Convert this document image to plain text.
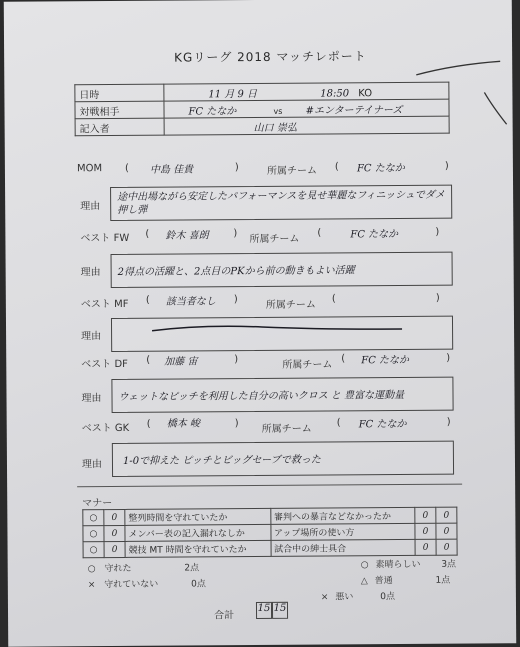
KGリーグ 2018 マッチレポート
日時	11 月 9 日 18:50 KO
対戦相手	FC たなか vs #エンターテイナーズ
記入者	山口 崇弘
MOM ( 中島 佳貴	)	所属チーム ( FC たなか	)
理由
途中出場ながら安定したパフォーマンスを見せ華麗なフィニッシュでダメ押し弾
ベスト FW ( 鈴木 喜朗 )
所属チーム
(	FC たなか	)
理由	2得点の活躍と、2点目のPKから前の動きもよい活躍
ベスト MF ( 該当者なし )	所属チーム
(	)
理由
ベスト DF ( 加藤 宙	)	所属チーム
( FC たなか	)
理由	ウェットなピッチを利用した自分の高いクロス と 豊富な運動量
ベスト GK ( 橋本 峻	) 所属チーム
( FC たなか	)
理由	1-0で抑えた ピッチとビッグセーブで救った
マナー
○	0	整列時間を守れていたか	審判への暴言などなかったか	0	0
○	0	メンバー表の記入漏れなしか	アップ場所の使い方	0	0
○	0	競技 MT 時間を守れていたか	試合中の紳士具合	0	0
○ 守れた	2点
× 守れていない	0点
○ 素晴らしい 3点
△ 普通	1点
× 悪い	0点
合計
15 15
